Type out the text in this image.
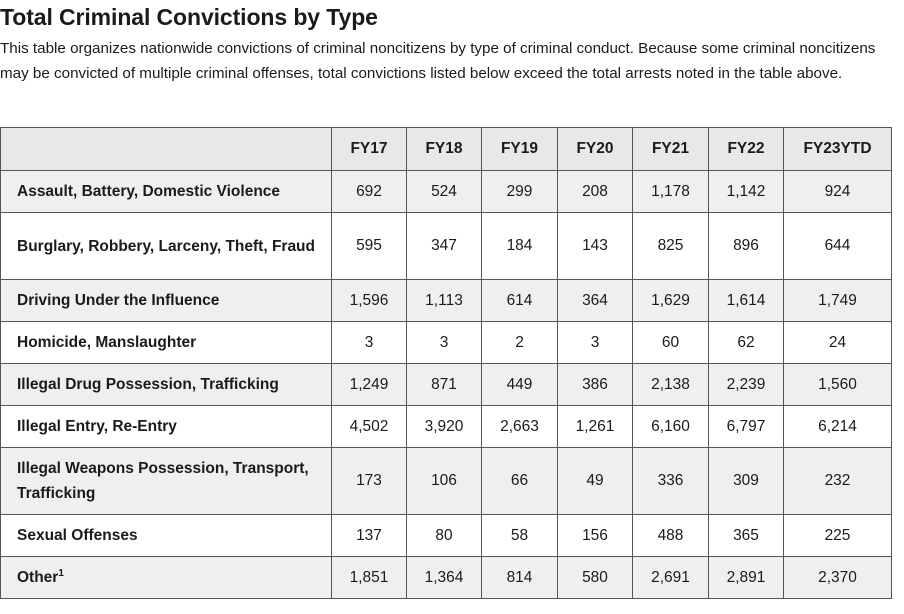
Total Criminal Convictions by Type

This table organizes nationwide convictions of criminal noncitizens by type of criminal conduct. Because some criminal noncitizens may be convicted of multiple criminal offenses, total convictions listed below exceed the total arrests noted in the table above.

	FY17	FY18	FY19	FY20	FY21	FY22	FY23YTD
Assault, Battery, Domestic Violence	692	524	299	208	1,178	1,142	924
Burglary, Robbery, Larceny, Theft, Fraud	595	347	184	143	825	896	644
Driving Under the Influence	1,596	1,113	614	364	1,629	1,614	1,749
Homicide, Manslaughter	3	3	2	3	60	62	24
Illegal Drug Possession, Trafficking	1,249	871	449	386	2,138	2,239	1,560
Illegal Entry, Re-Entry	4,502	3,920	2,663	1,261	6,160	6,797	6,214
Illegal Weapons Possession, Transport, Trafficking	173	106	66	49	336	309	232
Sexual Offenses	137	80	58	156	488	365	225
Other$^1$	1,851	1,364	814	580	2,691	2,891	2,370
